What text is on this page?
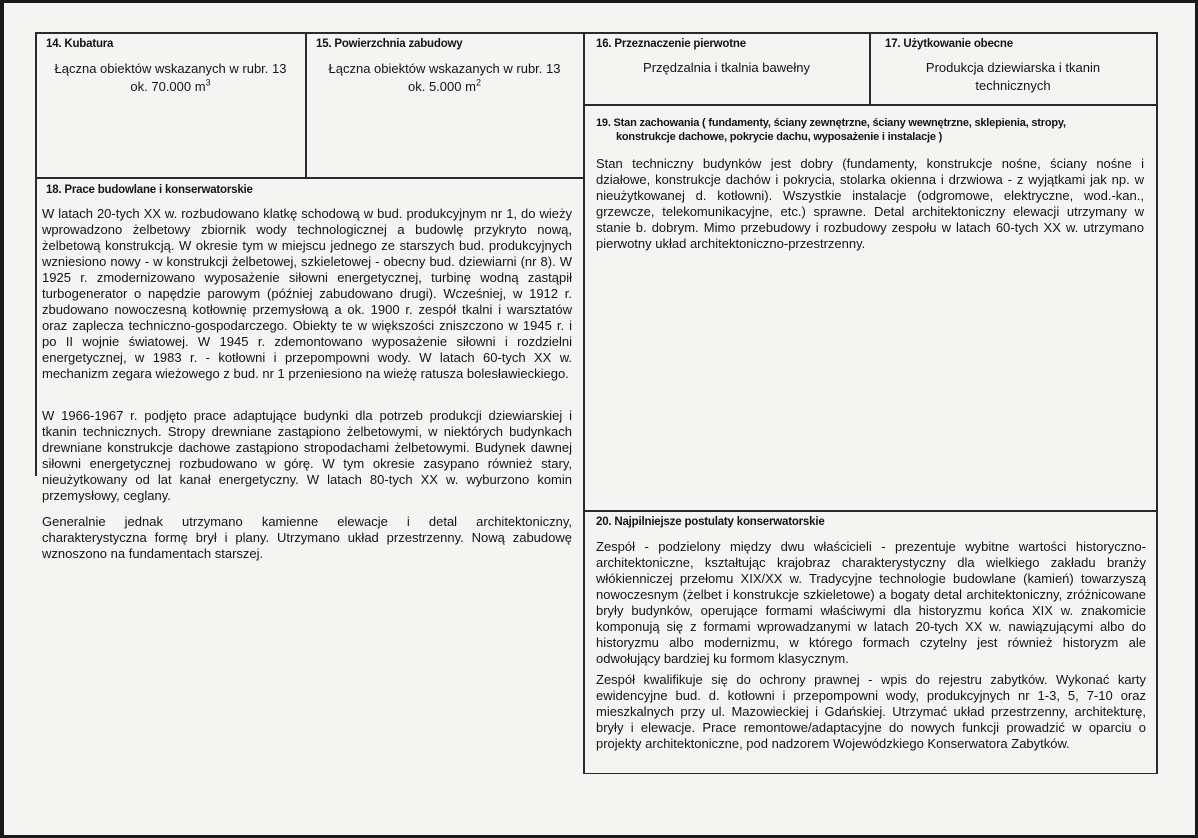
14. Kubatura
Łączna obiektów wskazanych w rubr. 13
ok. 70.000 $m^3$
15. Powierzchnia zabudowy
Łączna obiektów wskazanych w rubr. 13
ok. 5.000 $m^2$
16. Przeznaczenie pierwotne
Przędzalnia i tkalnia bawełny
17. Użytkowanie obecne
Produkcja dziewiarska i tkanin
technicznych
19. Stan zachowania ( fundamenty, ściany zewnętrzne, ściany wewnętrzne, sklepienia, stropy,
konstrukcje dachowe, pokrycie dachu, wyposażenie i instalacje )

Stan techniczny budynków jest dobry (fundamenty, konstrukcje nośne, ściany nośne i działowe, konstrukcje dachów i pokrycia, stolarka okienna i drzwiowa - z wyjątkami jak np. w nieużytkowanej d. kotłowni). Wszystkie instalacje (odgromowe, elektryczne, wod.-kan., grzewcze, telekomunikacyjne, etc.) sprawne. Detal architektoniczny elewacji utrzymany w stanie b. dobrym. Mimo przebudowy i rozbudowy zespołu w latach 60-tych XX w. utrzymano pierwotny układ architektoniczno-przestrzenny.

18. Prace budowlane i konserwatorskie

W latach 20-tych XX w. rozbudowano klatkę schodową w bud. produkcyjnym nr 1, do wieży wprowadzono żelbetowy zbiornik wody technologicznej a budowlę przykryto nową, żelbetową konstrukcją. W okresie tym w miejscu jednego ze starszych bud. produkcyjnych wzniesiono nowy - w konstrukcji żelbetowej, szkieletowej - obecny bud. dziewiarni (nr 8). W 1925 r. zmodernizowano wyposażenie siłowni energetycznej, turbinę wodną zastąpił turbogenerator o napędzie parowym (później zabudowano drugi). Wcześniej, w 1912 r. zbudowano nowoczesną kotłownię przemysłową a ok. 1900 r. zespół tkalni i warsztatów oraz zaplecza techniczno-gospodarczego. Obiekty te w większości zniszczono w 1945 r. i po II wojnie światowej. W 1945 r. zdemontowano wyposażenie siłowni i rozdzielni energetycznej, w 1983 r. - kotłowni i przepompowni wody. W latach 60-tych XX w. mechanizm zegara wieżowego z bud. nr 1 przeniesiono na wieżę ratusza bolesławieckiego.

W 1966-1967 r. podjęto prace adaptujące budynki dla potrzeb produkcji dziewiarskiej i tkanin technicznych. Stropy drewniane zastąpiono żelbetowymi, w niektórych budynkach drewniane konstrukcje dachowe zastąpiono stropodachami żelbetowymi. Budynek dawnej siłowni energetycznej rozbudowano w górę. W tym okresie zasypano również stary, nieużytkowany od lat kanał energetyczny. W latach 80-tych XX w. wyburzono komin przemysłowy, ceglany.

Generalnie jednak utrzymano kamienne elewacje i detal architektoniczny, charakterystyczna formę brył i plany. Utrzymano układ przestrzenny. Nową zabudowę wznoszono na fundamentach starszej.

20. Najpilniejsze postulaty konserwatorskie

Zespół - podzielony między dwu właścicieli - prezentuje wybitne wartości historyczno-architektoniczne, kształtując krajobraz charakterystyczny dla wielkiego zakładu branży włókienniczej przełomu XIX/XX w. Tradycyjne technologie budowlane (kamień) towarzyszą nowoczesnym (żelbet i konstrukcje szkieletowe) a bogaty detal architektoniczny, zróżnicowane bryły budynków, operujące formami właściwymi dla historyzmu końca XIX w. znakomicie komponują się z formami wprowadzanymi w latach 20-tych XX w. nawiązującymi albo do historyzmu albo modernizmu, w którego formach czytelny jest również historyzm ale odwołujący bardziej ku formom klasycznym.

Zespół kwalifikuje się do ochrony prawnej - wpis do rejestru zabytków. Wykonać karty ewidencyjne bud. d. kotłowni i przepompowni wody, produkcyjnych nr 1-3, 5, 7-10 oraz mieszkalnych przy ul. Mazowieckiej i Gdańskiej. Utrzymać układ przestrzenny, architekturę, bryły i elewacje. Prace remontowe/adaptacyjne do nowych funkcji prowadzić w oparciu o projekty architektoniczne, pod nadzorem Wojewódzkiego Konserwatora Zabytków.
